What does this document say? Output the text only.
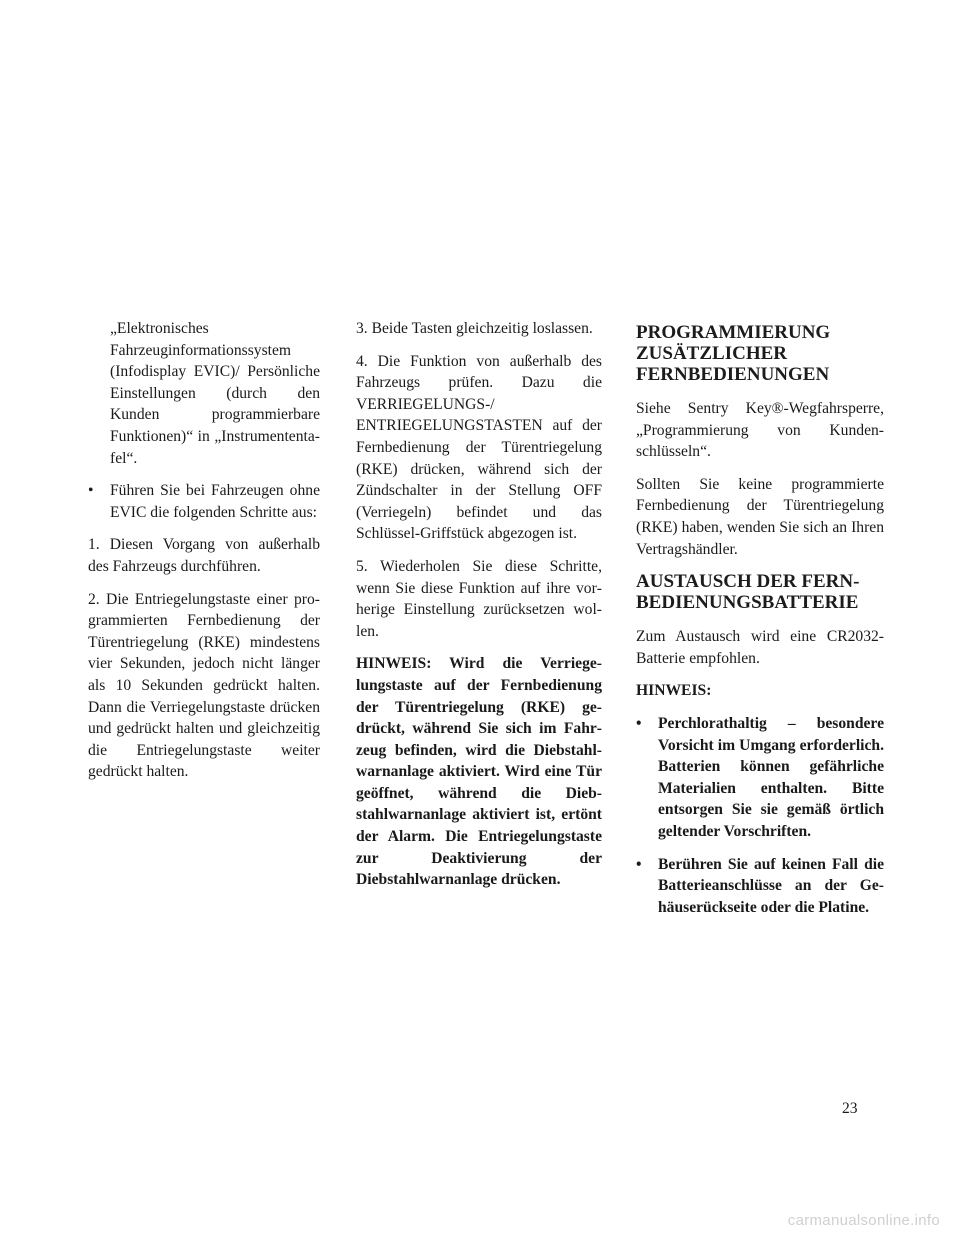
„Elektronisches Fahrzeuginformationssystem (Infodisplay EVIC)/ Persönliche Einstellungen (durch den Kunden programmierbare Funktionen)“ in „Instrumententafel“.

• Führen Sie bei Fahrzeugen ohne EVIC die folgenden Schritte aus:

1. Diesen Vorgang von außerhalb des Fahrzeugs durchführen.

2. Die Entriegelungstaste einer programmierten Fernbedienung der Türentriegelung (RKE) mindestens vier Sekunden, jedoch nicht länger als 10 Sekunden gedrückt halten. Dann die Verriegelungstaste drücken und gedrückt halten und gleichzeitig die Entriegelungstaste weiter gedrückt halten.

3. Beide Tasten gleichzeitig loslassen.

4. Die Funktion von außerhalb des Fahrzeugs prüfen. Dazu die VERRIEGELUNGS-/ ENTRIEGELUNGSTASTEN auf der Fernbedienung der Türentriegelung (RKE) drücken, während sich der Zündschalter in der Stellung OFF (Verriegeln) befindet und das Schlüssel-Griffstück abgezogen ist.

5. Wiederholen Sie diese Schritte, wenn Sie diese Funktion auf ihre vorherige Einstellung zurücksetzen wollen.

HINWEIS: Wird die Verriegelungstaste auf der Fernbedienung der Türentriegelung (RKE) gedrückt, während Sie sich im Fahrzeug befinden, wird die Diebstahlwarnanlage aktiviert. Wird eine Tür geöffnet, während die Diebstahlwarnanlage aktiviert ist, ertönt der Alarm. Die Entriegelungstaste zur Deaktivierung der Diebstahlwarnanlage drücken.

PROGRAMMIERUNG ZUSÄTZLICHER FERNBEDIENUNGEN

Siehe Sentry Key®-Wegfahrsperre, „Programmierung von Kundenschlüsseln“.

Sollten Sie keine programmierte Fernbedienung der Türentriegelung (RKE) haben, wenden Sie sich an Ihren Vertragshändler.

AUSTAUSCH DER FERNBEDIENUNGSBATTERIE

Zum Austausch wird eine CR2032-Batterie empfohlen.

HINWEIS:

• Perchlorathaltig – besondere Vorsicht im Umgang erforderlich. Batterien können gefährliche Materialien enthalten. Bitte entsorgen Sie sie gemäß örtlich geltender Vorschriften.

• Berühren Sie auf keinen Fall die Batterieanschlüsse an der Gehäuserückseite oder die Platine.

23
carmanualsonline.info
